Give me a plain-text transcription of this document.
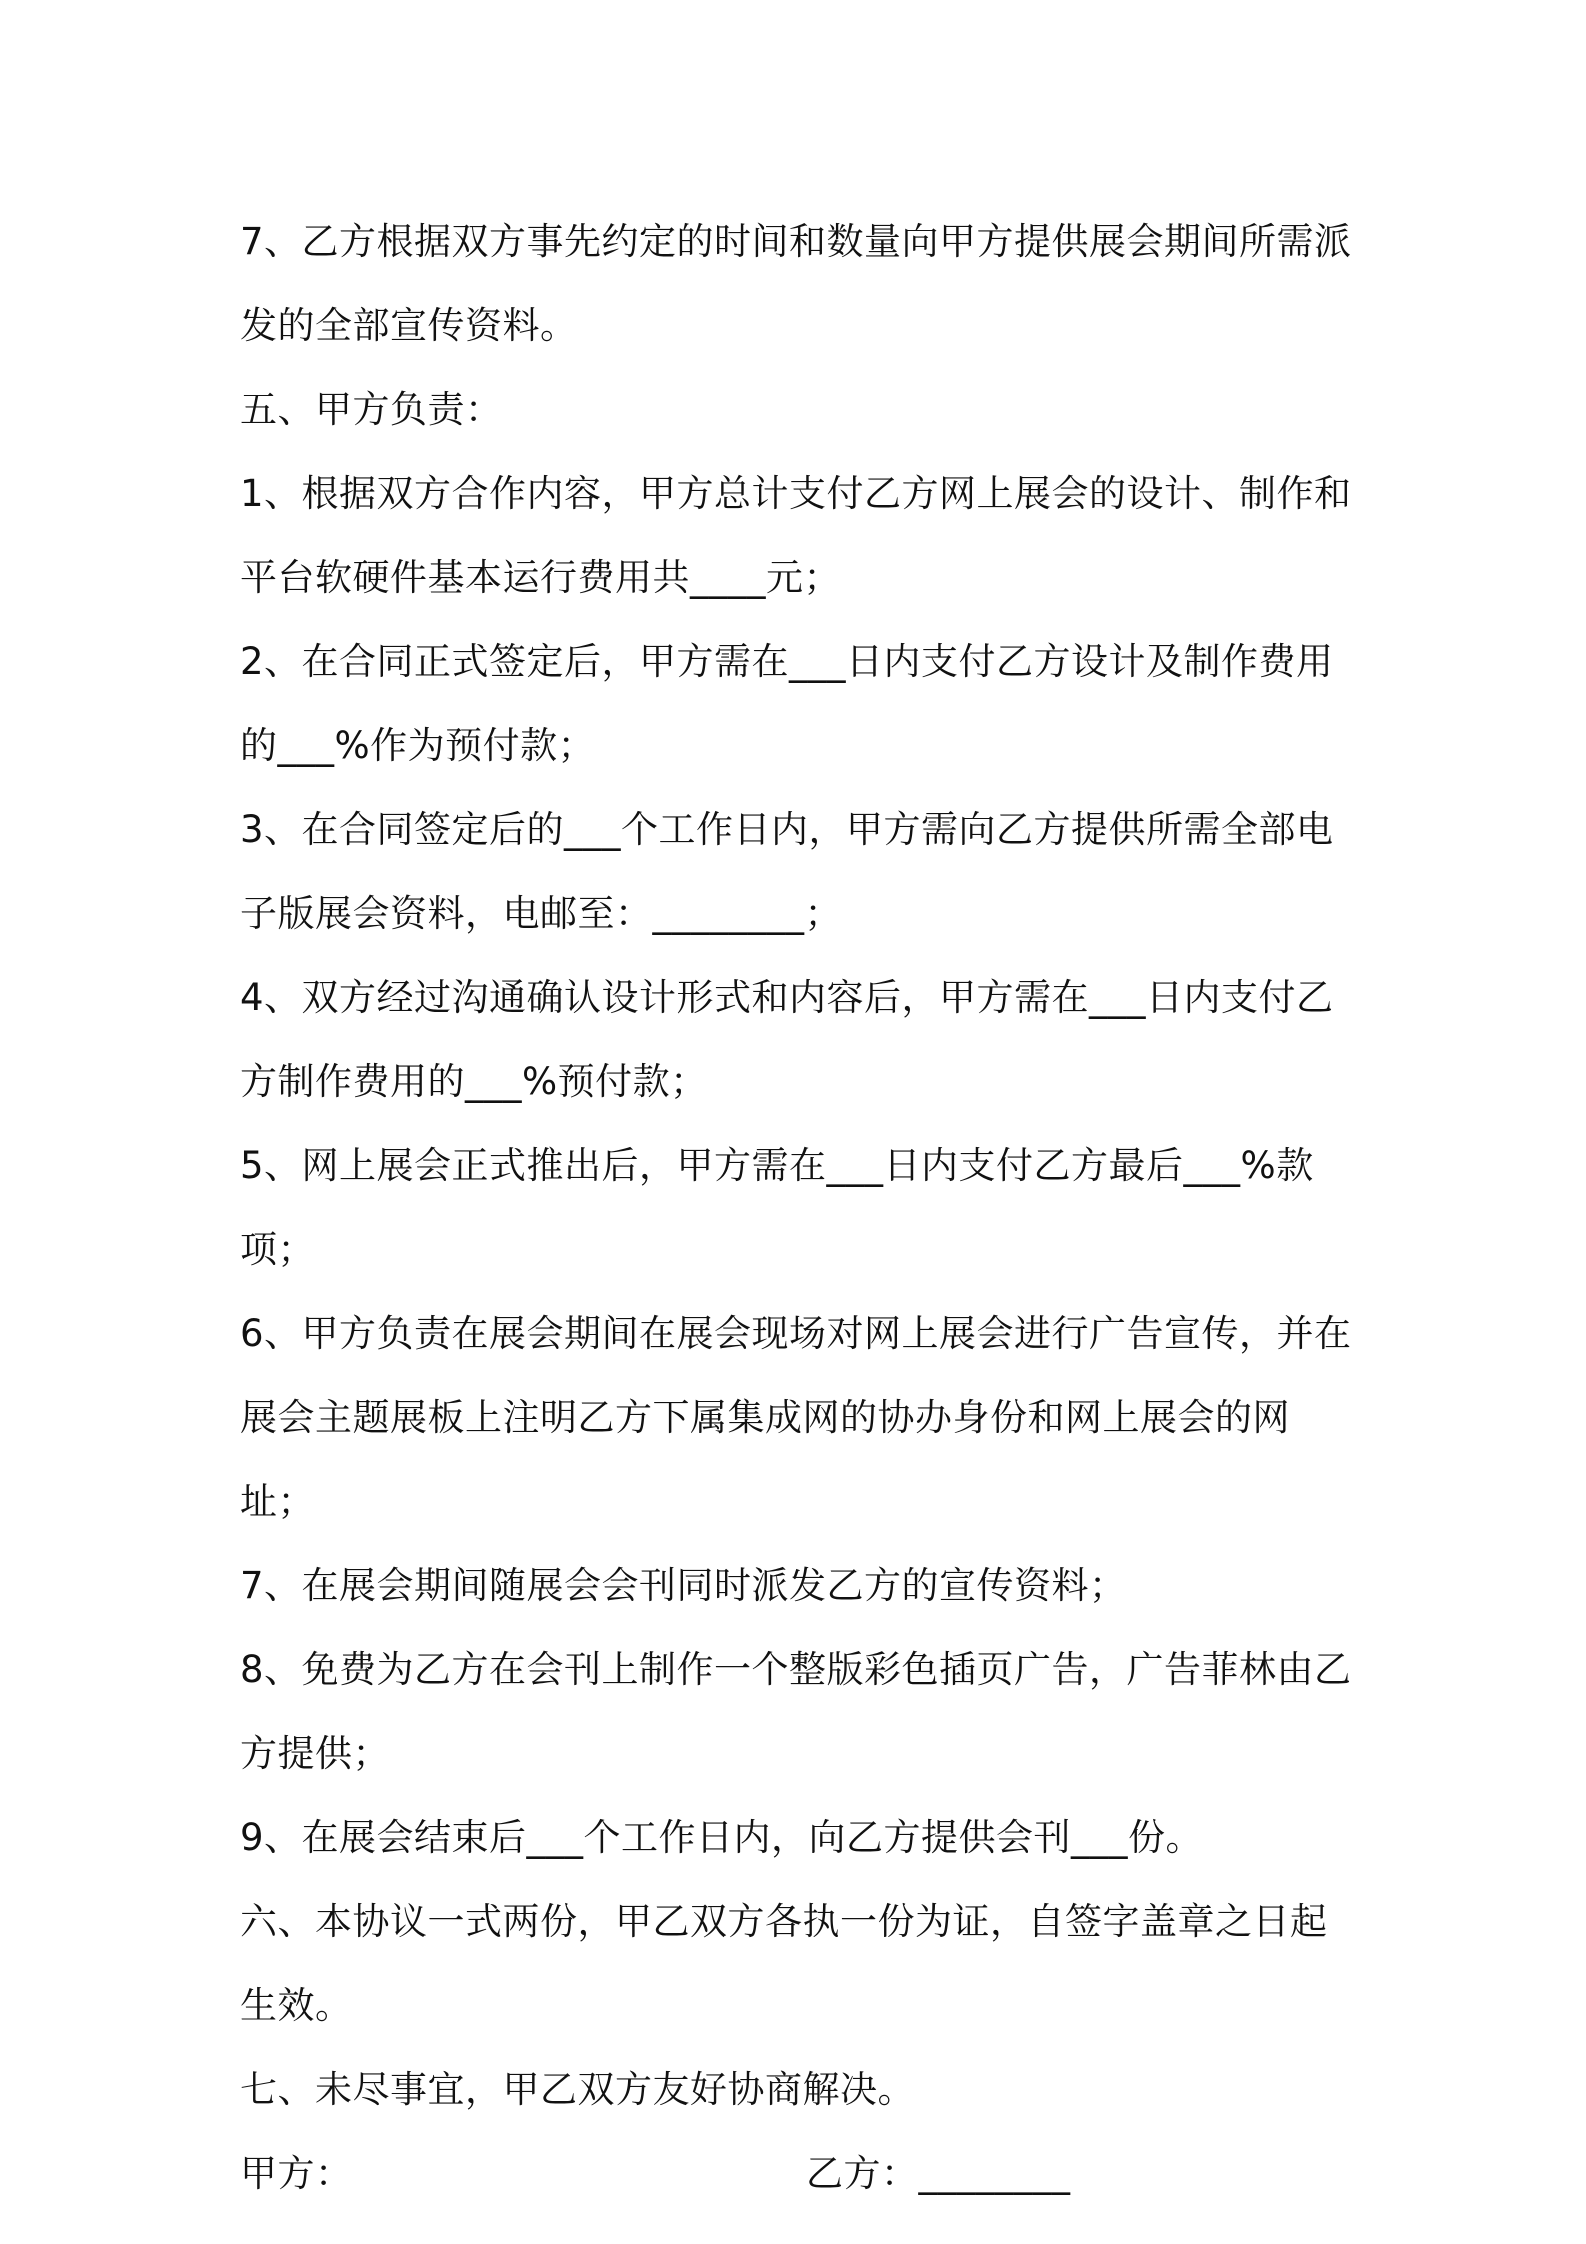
7、乙方根据双方事先约定的时间和数量向甲方提供展会期间所需派发的全部宣传资料。

五、甲方负责：

1、根据双方合作内容，甲方总计支付乙方网上展会的设计、制作和平台软硬件基本运行费用共____元；

2、在合同正式签定后，甲方需在___日内支付乙方设计及制作费用的___%作为预付款；

3、在合同签定后的___个工作日内，甲方需向乙方提供所需全部电子版展会资料，电邮至：________；

4、双方经过沟通确认设计形式和内容后，甲方需在___日内支付乙方制作费用的___%预付款；

5、网上展会正式推出后，甲方需在___日内支付乙方最后___%款项；

6、甲方负责在展会期间在展会现场对网上展会进行广告宣传，并在展会主题展板上注明乙方下属集成网的协办身份和网上展会的网址；

7、在展会期间随展会会刊同时派发乙方的宣传资料；

8、免费为乙方在会刊上制作一个整版彩色插页广告，广告菲林由乙方提供；

9、在展会结束后___个工作日内，向乙方提供会刊___份。

六、本协议一式两份，甲乙双方各执一份为证，自签字盖章之日起生效。

七、未尽事宜，甲乙双方友好协商解决。

甲方：	乙方：________
